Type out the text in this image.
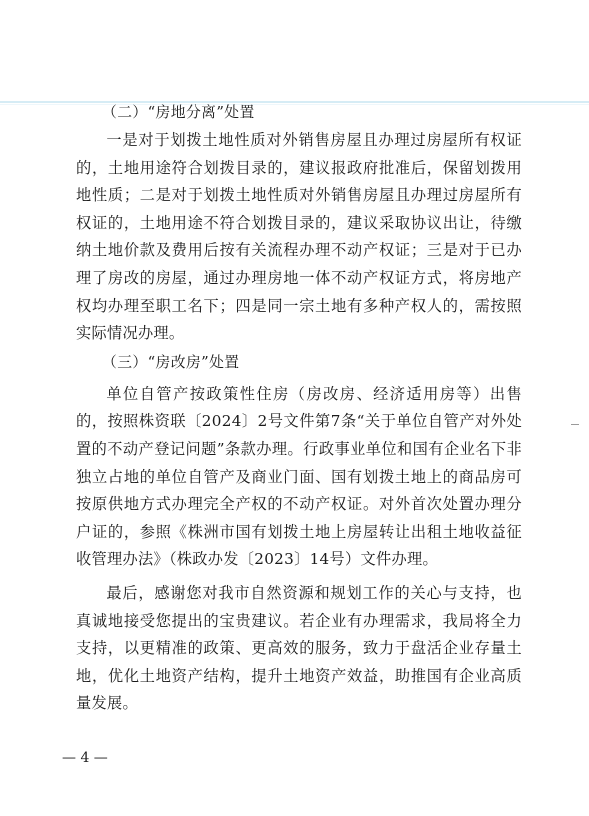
（二）“房地分离”处置

一是对于划拨土地性质对外销售房屋且办理过房屋所有权证的，土地用途符合划拨目录的，建议报政府批准后，保留划拨用地性质；二是对于划拨土地性质对外销售房屋且办理过房屋所有权证的，土地用途不符合划拨目录的，建议采取协议出让，待缴纳土地价款及费用后按有关流程办理不动产权证；三是对于已办理了房改的房屋，通过办理房地一体不动产权证方式，将房地产权均办理至职工名下；四是同一宗土地有多种产权人的，需按照实际情况办理。

（三）“房改房”处置

单位自管产按政策性住房（房改房、经济适用房等）出售的，按照株资联〔2024〕2号文件第7条“关于单位自管产对外处置的不动产登记问题”条款办理。行政事业单位和国有企业名下非独立占地的单位自管产及商业门面、国有划拨土地上的商品房可按原供地方式办理完全产权的不动产权证。对外首次处置办理分户证的，参照《株洲市国有划拨土地上房屋转让出租土地收益征收管理办法》（株政办发〔2023〕14号）文件办理。

最后，感谢您对我市自然资源和规划工作的关心与支持，也真诚地接受您提出的宝贵建议。若企业有办理需求，我局将全力支持，以更精准的政策、更高效的服务，致力于盘活企业存量土地，优化土地资产结构，提升土地资产效益，助推国有企业高质量发展。

— 4 —
